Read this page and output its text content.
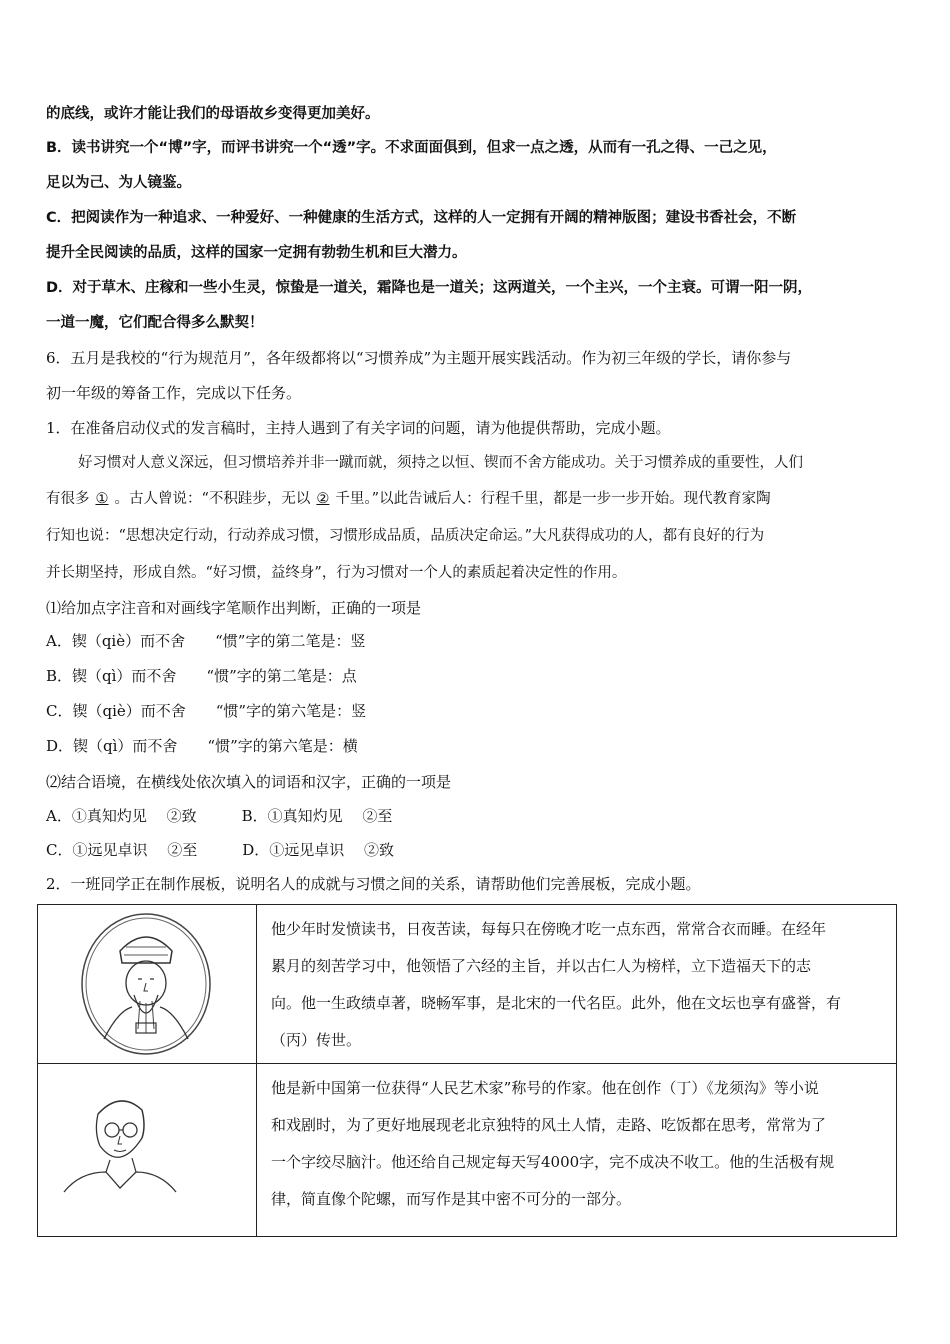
的底线，或许才能让我们的母语故乡变得更加美好。
B．读书讲究一个“博”字，而评书讲究一个“透”字。不求面面俱到，但求一点之透，从而有一孔之得、一己之见，
足以为己、为人镜鉴。
C．把阅读作为一种追求、一种爱好、一种健康的生活方式，这样的人一定拥有开阔的精神版图；建设书香社会，不断
提升全民阅读的品质，这样的国家一定拥有勃勃生机和巨大潜力。
D．对于草木、庄稼和一些小生灵，惊蛰是一道关，霜降也是一道关；这两道关，一个主兴，一个主衰。可谓一阳一阴，
一道一魔，它们配合得多么默契！
6．五月是我校的“行为规范月”，各年级都将以“习惯养成”为主题开展实践活动。作为初三年级的学长，请你参与
初一年级的筹备工作，完成以下任务。
1．在准备启动仪式的发言稿时，主持人遇到了有关字词的问题，请为他提供帮助，完成小题。
好习惯对人意义深远，但习惯培养并非一蹴而就，须持之以恒、锲而不舍方能成功。关于习惯养成的重要性，人们
有很多 ① 。古人曾说：“不积跬步，无以 ② 千里。”以此告诫后人：行程千里，都是一步一步开始。现代教育家陶
行知也说：“思想决定行动，行动养成习惯，习惯形成品质，品质决定命运。”大凡获得成功的人，都有良好的行为
并长期坚持，形成自然。“好习惯，益终身”，行为习惯对一个人的素质起着决定性的作用。
⑴给加点字注音和对画线字笔顺作出判断，正确的一项是
A．锲（qiè）而不舍　　“惯”字的第二笔是：竖
B．锲（qì）而不舍　　“惯”字的第二笔是：点
C．锲（qiè）而不舍　　“惯”字的第六笔是：竖
D．锲（qì）而不舍　　“惯”字的第六笔是：横
⑵结合语境，在横线处依次填入的词语和汉字，正确的一项是
A．①真知灼见　 ②致　　　B．①真知灼见　 ②至
C．①远见卓识　 ②至　　　D．①远见卓识　 ②致
2．一班同学正在制作展板，说明名人的成就与习惯之间的关系，请帮助他们完善展板，完成小题。

他少年时发愤读书，日夜苦读，每每只在傍晚才吃一点东西，常常合衣而睡。在经年
累月的刻苦学习中，他领悟了六经的主旨，并以古仁人为榜样，立下造福天下的志
向。他一生政绩卓著，晓畅军事，是北宋的一代名臣。此外，他在文坛也享有盛誉，有
（丙）传世。

他是新中国第一位获得“人民艺术家”称号的作家。他在创作（丁）《龙须沟》等小说
和戏剧时，为了更好地展现老北京独特的风土人情，走路、吃饭都在思考，常常为了
一个字绞尽脑汁。他还给自己规定每天写4000字，完不成决不收工。他的生活极有规
律，简直像个陀螺，而写作是其中密不可分的一部分。
